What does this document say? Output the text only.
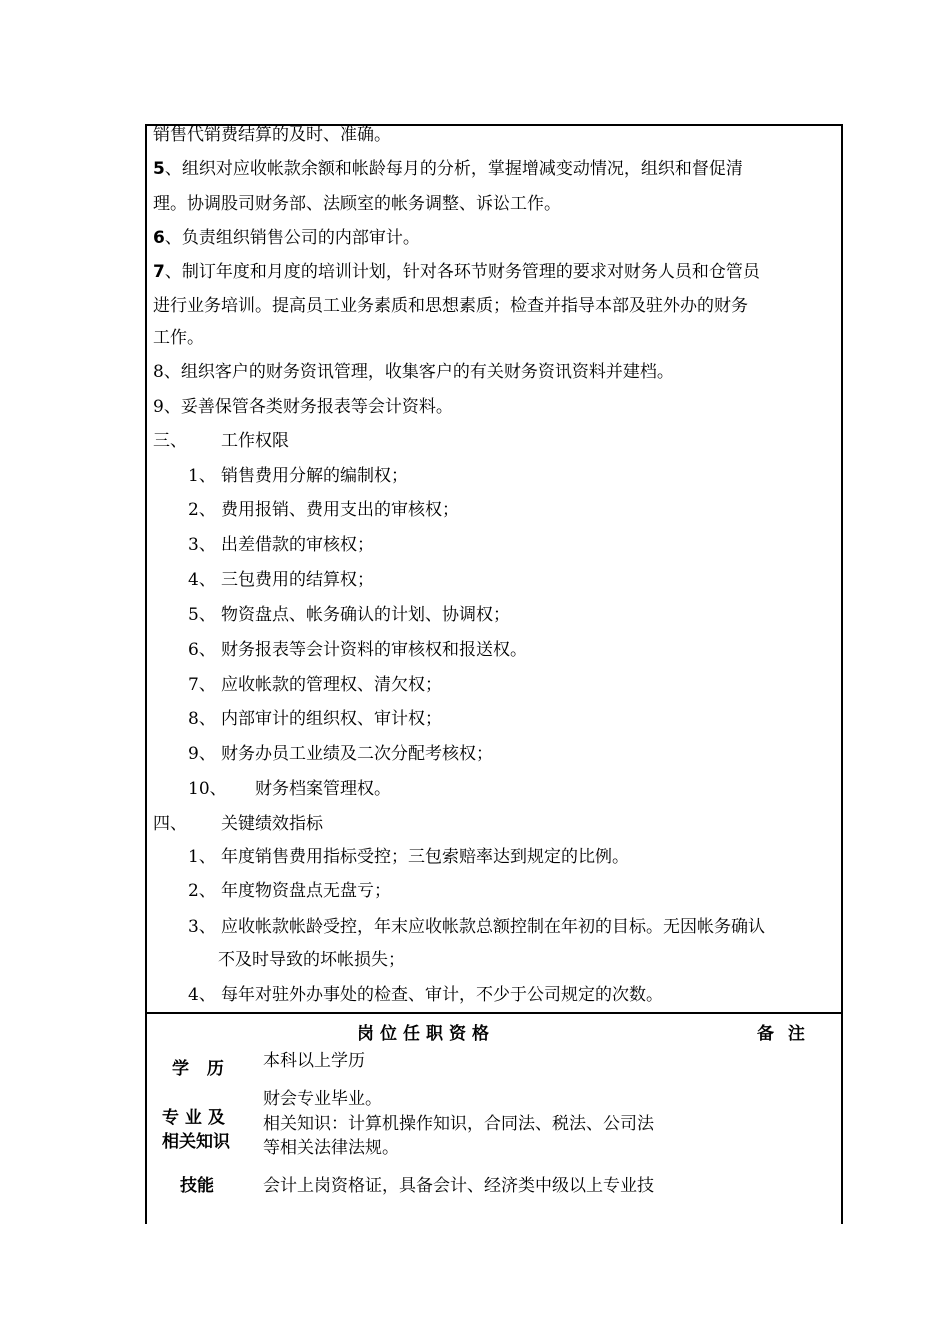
销售代销费结算的及时、准确。
5、组织对应收帐款余额和帐龄每月的分析，掌握增减变动情况，组织和督促清
理。协调股司财务部、法顾室的帐务调整、诉讼工作。
6、负责组织销售公司的内部审计。
7、制订年度和月度的培训计划，针对各环节财务管理的要求对财务人员和仓管员
进行业务培训。提高员工业务素质和思想素质；检查并指导本部及驻外办的财务
工作。
8、组织客户的财务资讯管理，收集客户的有关财务资讯资料并建档。
9、妥善保管各类财务报表等会计资料。
三、 工作权限
1、 销售费用分解的编制权；
2、 费用报销、费用支出的审核权；
3、 出差借款的审核权；
4、 三包费用的结算权；
5、 物资盘点、帐务确认的计划、协调权；
6、 财务报表等会计资料的审核权和报送权。
7、 应收帐款的管理权、清欠权；
8、 内部审计的组织权、审计权；
9、 财务办员工业绩及二次分配考核权；
10、 财务档案管理权。
四、 关键绩效指标
1、 年度销售费用指标受控；三包索赔率达到规定的比例。
2、 年度物资盘点无盘亏；
3、 应收帐款帐龄受控，年末应收帐款总额控制在年初的目标。无因帐务确认
不及时导致的坏帐损失；
4、 每年对驻外办事处的检查、审计，不少于公司规定的次数。
岗位任职资格	备 注
学 历 本科以上学历
专 业 及
相关知识
财会专业毕业。
相关知识：计算机操作知识，合同法、税法、公司法
等相关法律法规。
技能	会计上岗资格证，具备会计、经济类中级以上专业技
